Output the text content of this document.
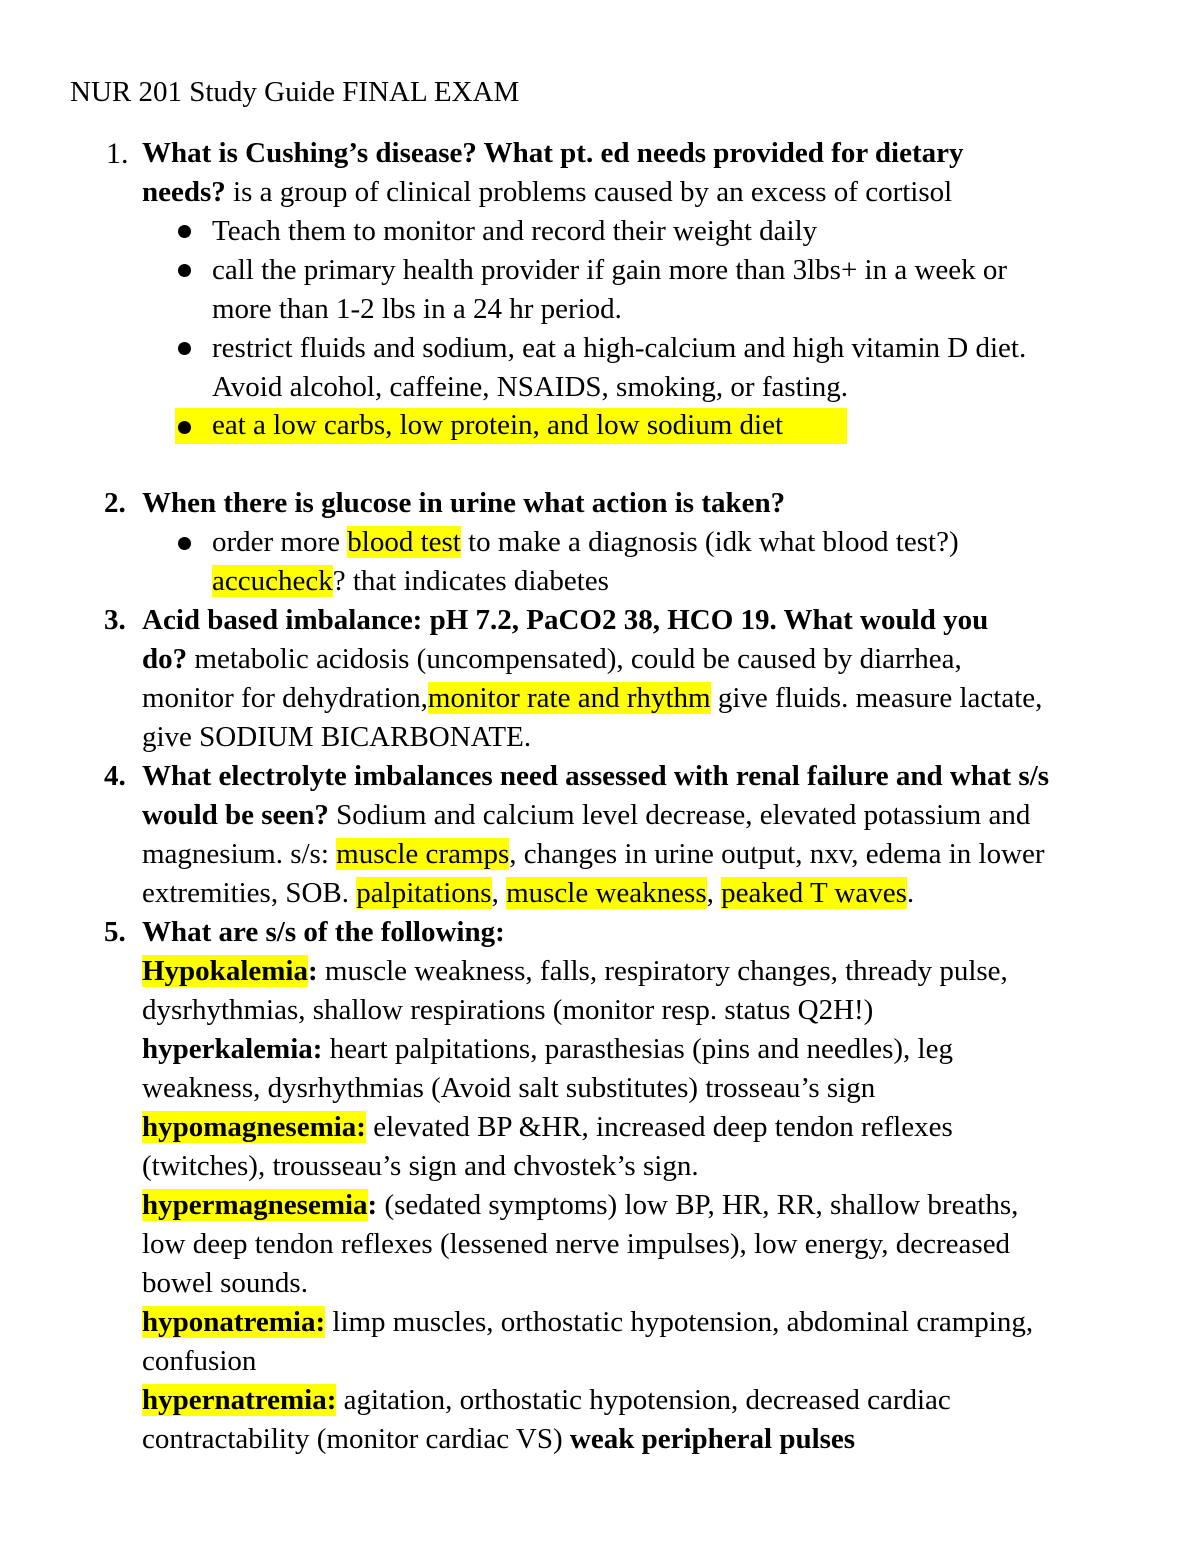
NUR 201 Study Guide FINAL EXAM
1. What is Cushing’s disease? What pt. ed needs provided for dietary
needs? is a group of clinical problems caused by an excess of cortisol
Teach them to monitor and record their weight daily
call the primary health provider if gain more than 3lbs+ in a week or
more than 1-2 lbs in a 24 hr period.
restrict fluids and sodium, eat a high-calcium and high vitamin D diet.
Avoid alcohol, caffeine, NSAIDS, smoking, or fasting.
eat a low carbs, low protein, and low sodium diet
2. When there is glucose in urine what action is taken?
order more blood test to make a diagnosis (idk what blood test?)
accucheck? that indicates diabetes
3. Acid based imbalance: pH 7.2, PaCO2 38, HCO 19. What would you
do? metabolic acidosis (uncompensated), could be caused by diarrhea,
monitor for dehydration,monitor rate and rhythm give fluids. measure lactate,
give SODIUM BICARBONATE.
4. What electrolyte imbalances need assessed with renal failure and what s/s
would be seen? Sodium and calcium level decrease, elevated potassium and
magnesium. s/s: muscle cramps, changes in urine output, nxv, edema in lower
extremities, SOB. palpitations, muscle weakness, peaked T waves.
5. What are s/s of the following:
Hypokalemia: muscle weakness, falls, respiratory changes, thready pulse,
dysrhythmias, shallow respirations (monitor resp. status Q2H!)
hyperkalemia: heart palpitations, parasthesias (pins and needles), leg
weakness, dysrhythmias (Avoid salt substitutes) trosseau’s sign
hypomagnesemia: elevated BP &HR, increased deep tendon reflexes
(twitches), trousseau’s sign and chvostek’s sign.
hypermagnesemia: (sedated symptoms) low BP, HR, RR, shallow breaths,
low deep tendon reflexes (lessened nerve impulses), low energy, decreased
bowel sounds.
hyponatremia: limp muscles, orthostatic hypotension, abdominal cramping,
confusion
hypernatremia: agitation, orthostatic hypotension, decreased cardiac
contractability (monitor cardiac VS) weak peripheral pulses
